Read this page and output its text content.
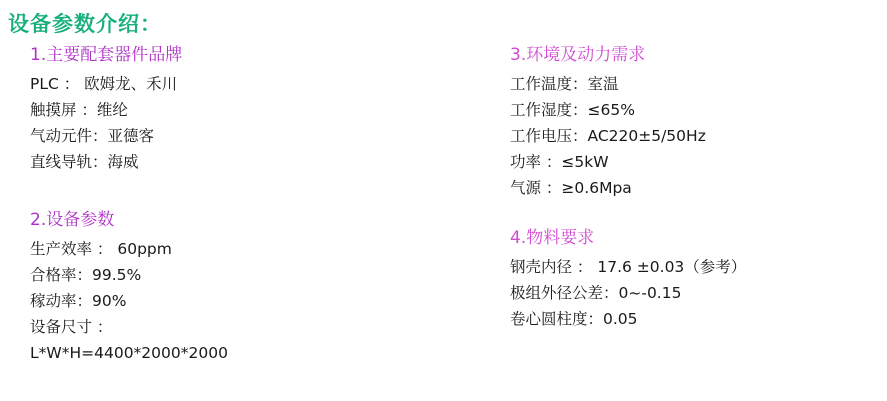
设备参数介绍：
1.主要配套器件品牌
PLC ： 欧姆龙、禾川
触摸屏 ：维纶
气动元件：亚德客
直线导轨：海威
2.设备参数
生产效率 ： 60ppm
合格率：99.5%
稼动率：90%
设备尺寸 ：
L*W*H=4400*2000*2000
3.环境及动力需求
工作温度：室温
工作湿度：≤65%
工作电压：AC220±5/50Hz
功率 ：≤5kW
气源 ：≥0.6Mpa
4.物料要求
钢壳内径 ： 17.6 ±0.03（参考）
极组外径公差：0~-0.15
卷心圆柱度：0.05
